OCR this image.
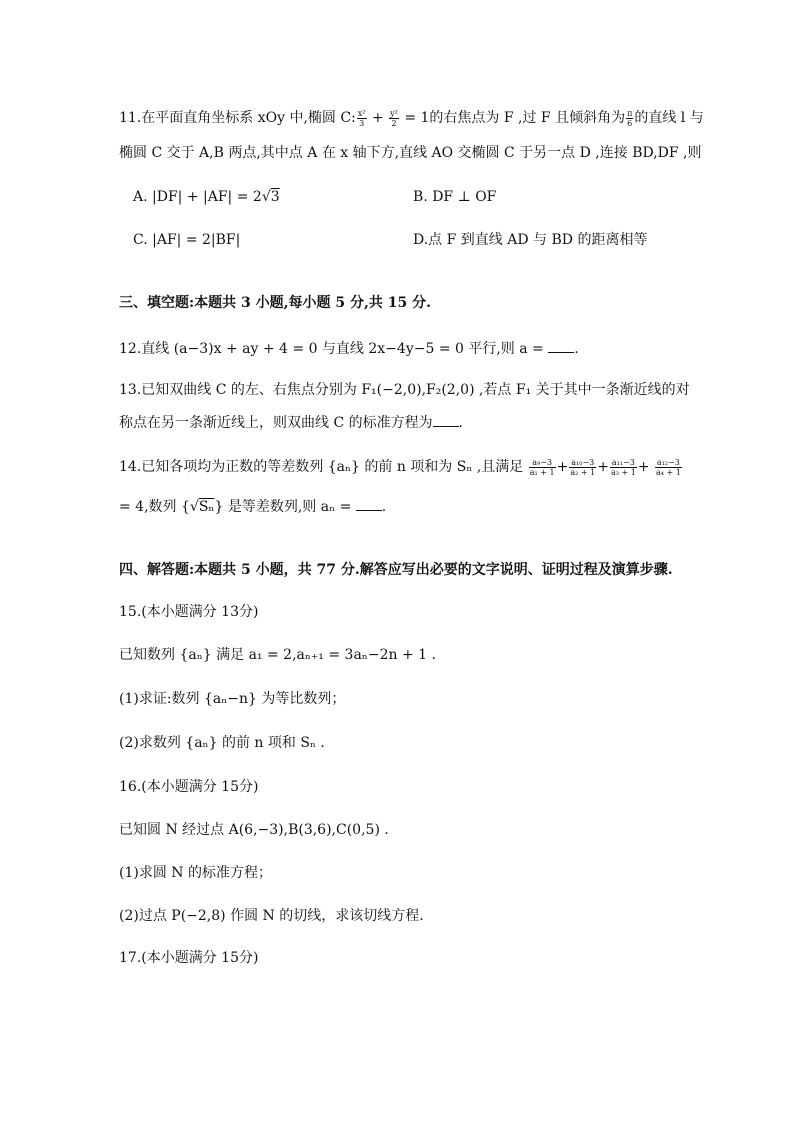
11.在平面直角坐标系 xOy 中,椭圆 C: $\frac{\text{x²}}{3} + \frac{\text{y²}}{2} = 1$的右焦点为 F ,过 F 且倾斜角为 $\frac{\pi}{6}$ 的直线 l 与
椭圆 C 交于 A,B 两点,其中点 A 在 x 轴下方,直线 AO 交椭圆 C 于另一点 D ,连接 BD,DF ,则
A. |DF| + |AF| = 2√3	B. DF ⊥ OF
C. |AF| = 2|BF|	D.点 F 到直线 AD 与 BD 的距离相等
三、填空题:本题共 3 小题,每小题 5 分,共 15 分.
12.直线 (a−3)x + ay + 4 = 0 与直线 2x−4y−5 = 0 平行,则 a = .
13.已知双曲线 C 的左、右焦点分别为 F₁(−2,0),F₂(2,0) ,若点 F₁ 关于其中一条渐近线的对
称点在另一条渐近线上，则双曲线 C 的标准方程为 .
14.已知各项均为正数的等差数列 {aₙ} 的前 n 项和为 Sₙ ,且满足 $\frac{\text{a₉−3}}{\text{a₁ + 1}} + \frac{\text{a₁₀−3}}{\text{a₂ + 1}} + \frac{\text{a₁₁−3}}{\text{a₃ + 1}} + \frac{\text{a₁₂−3}}{\text{a₄ + 1}}$
= 4,数列 {√Sₙ} 是等差数列,则 aₙ = .
四、解答题:本题共 5 小题，共 77 分.解答应写出必要的文字说明、证明过程及演算步骤.
15.(本小题满分 13分)
已知数列 {aₙ} 满足 a₁ = 2,aₙ₊₁ = 3aₙ−2n + 1 .
(1)求证:数列 {aₙ−n} 为等比数列；
(2)求数列 {aₙ} 的前 n 项和 Sₙ .
16.(本小题满分 15分)
已知圆 N 经过点 A(6,−3),B(3,6),C(0,5) .
(1)求圆 N 的标准方程；
(2)过点 P(−2,8) 作圆 N 的切线，求该切线方程.
17.(本小题满分 15分)
